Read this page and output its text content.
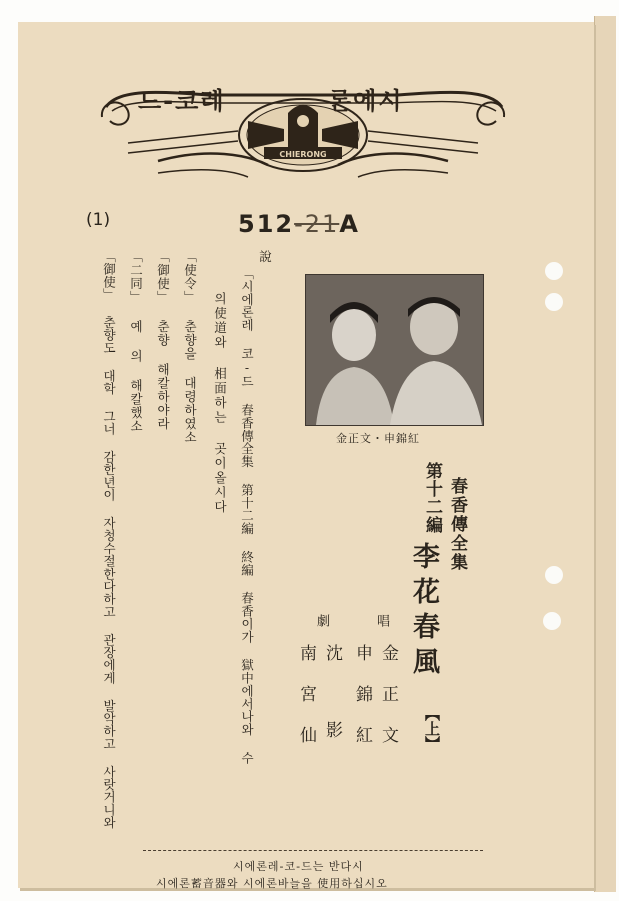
CHIERONG
드-코레	론에시
(1)	512-21A
金正文・申錦紅
春香傳全集
第十二編
李花春風
【上】
唱
金正文
申錦紅
劇
沈影
南宮仙
說
「시에론레 코-드 春香傳全集 第十二編 終編 春香이가 獄中에서나와 수
의使道와 相面하는 곳이올시다
「使令」 춘향을 대령하였소
「御使」 춘향 해칼하야라
「二同」 예 의 해칼했소
「御使」 춘향도 대학 그너 감한년이 자청수절한다하고 관장에게 발악하고 사랏거니와
시에론레-코-드는 반다시
시에론蓄音器와 시에론바늘을 使用하십시오
